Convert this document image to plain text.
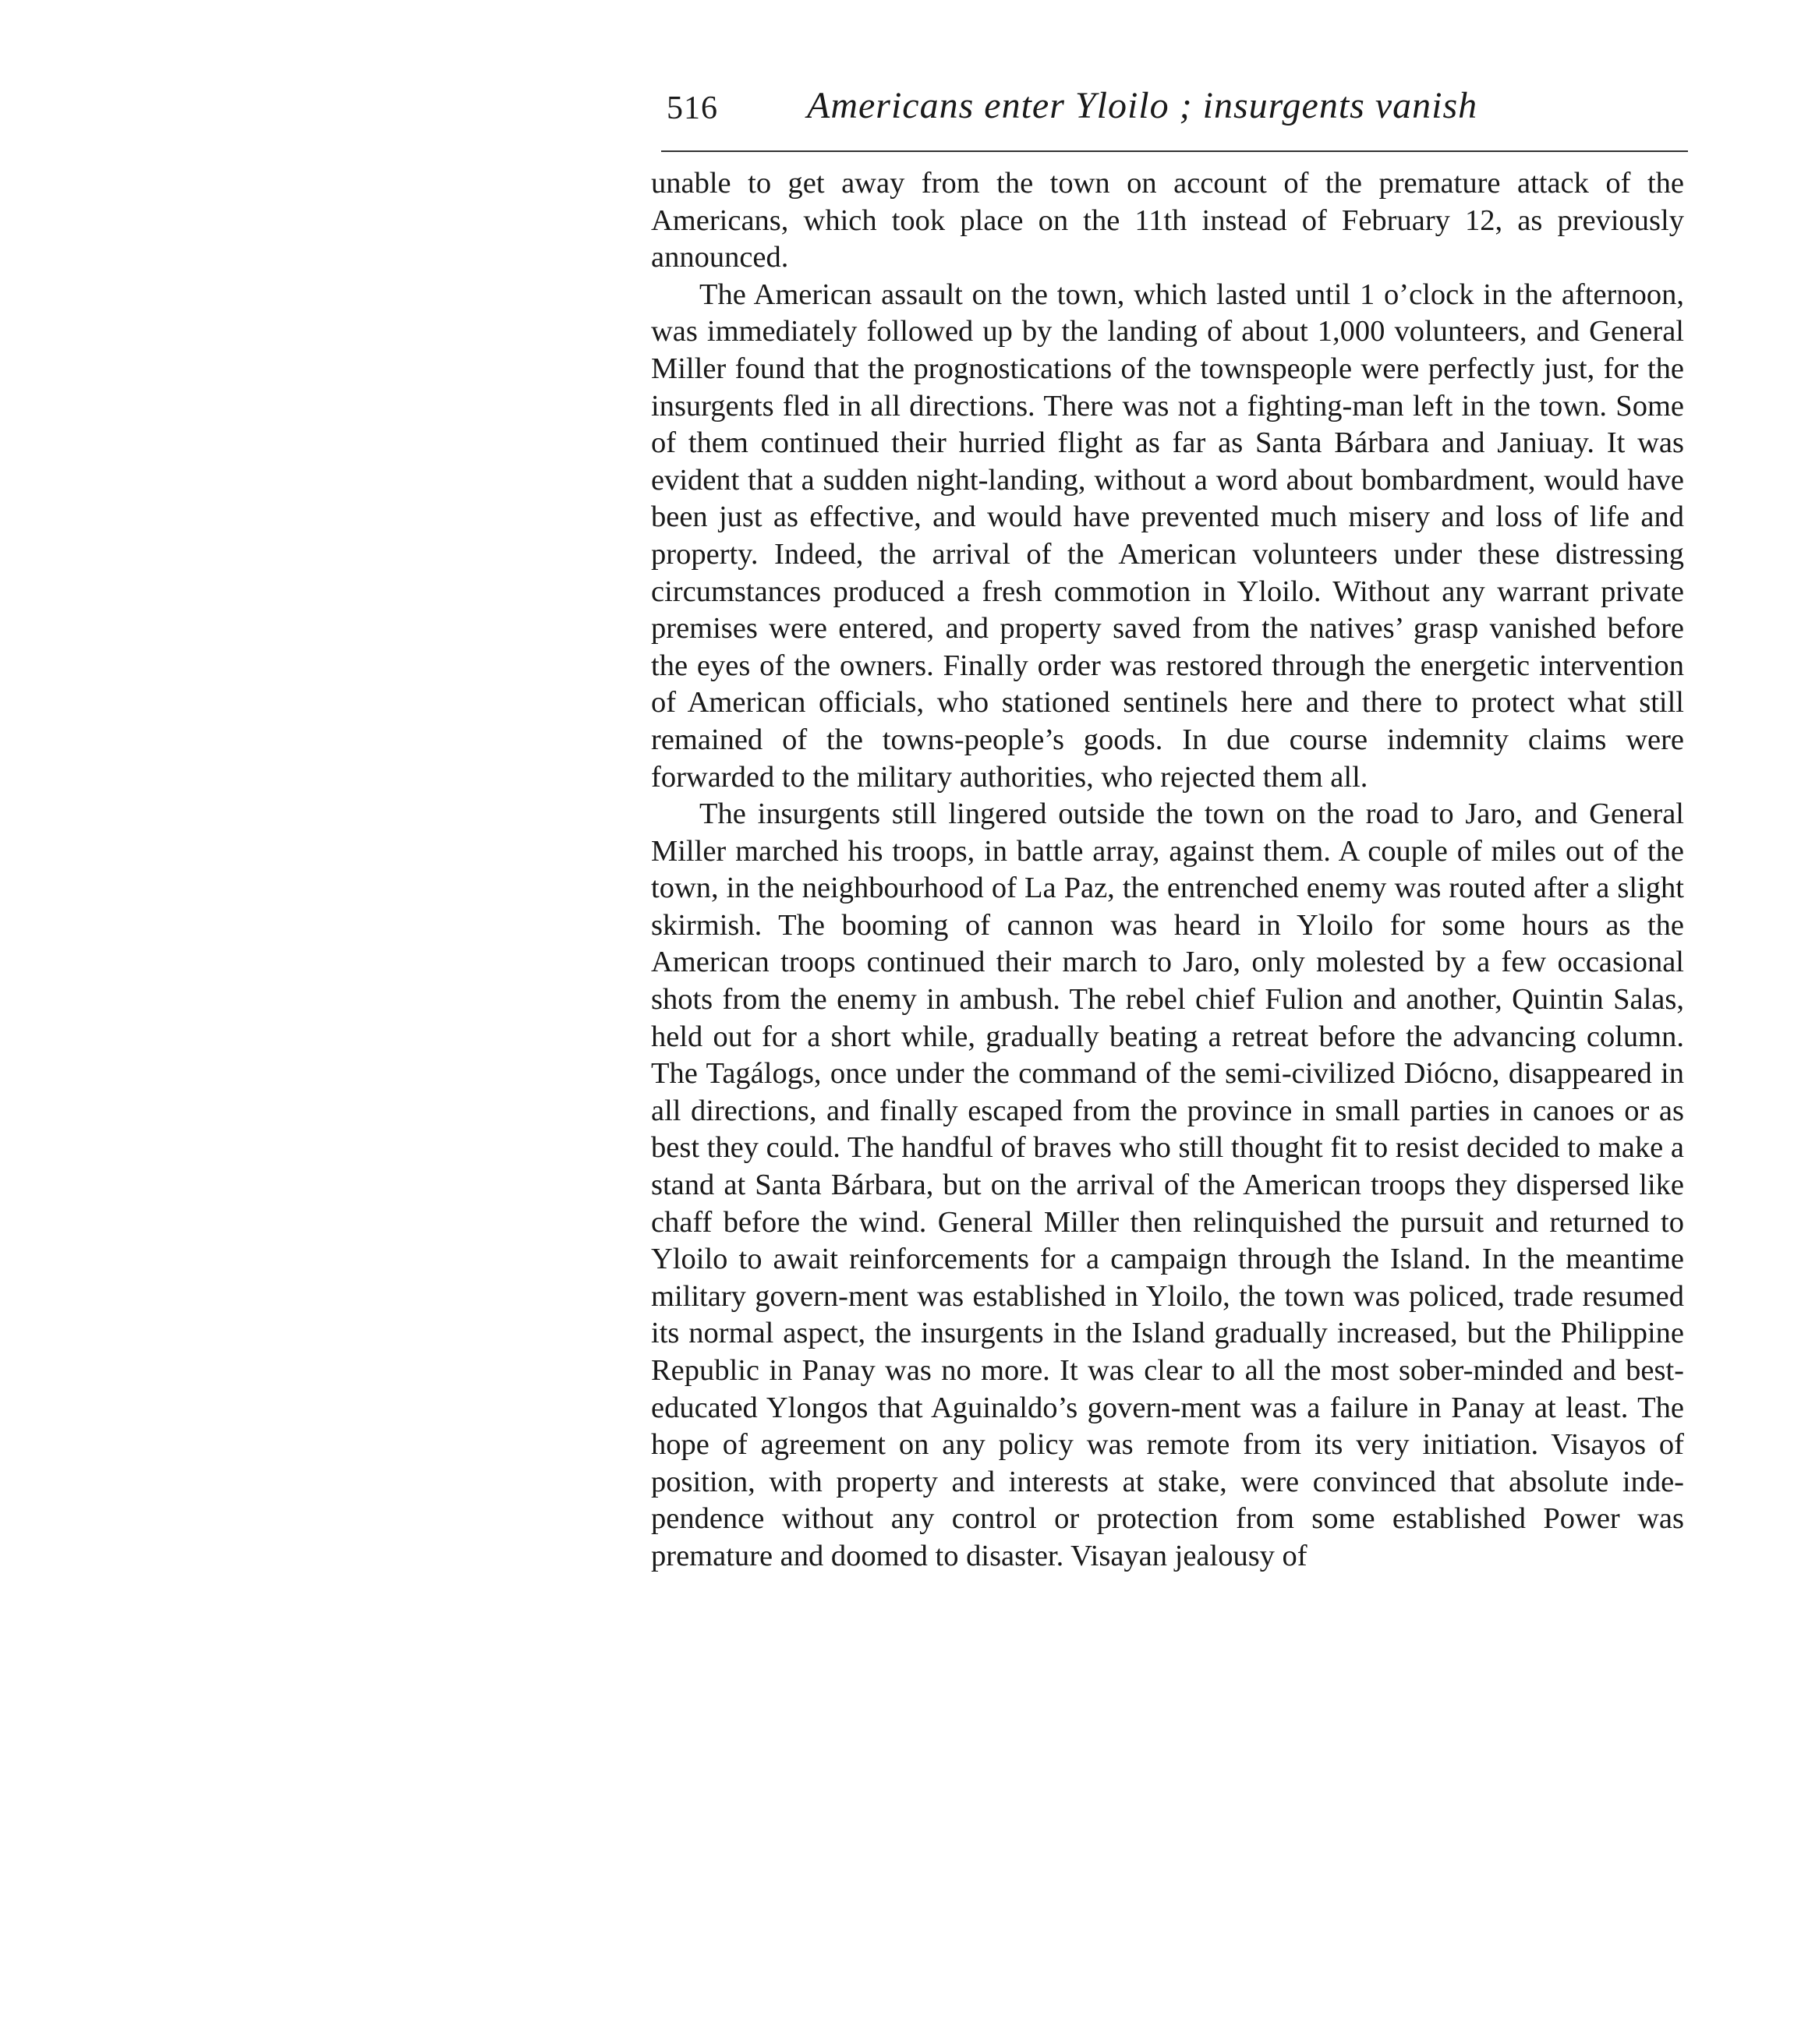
516 Americans enter Yloilo ; insurgents vanish

unable to get away from the town on account of the premature attack of the Americans, which took place on the 11th instead of February 12, as previously announced.

The American assault on the town, which lasted until 1 o’clock in the afternoon, was immediately followed up by the landing of about 1,000 volunteers, and General Miller found that the prognostications of the townspeople were perfectly just, for the insurgents fled in all directions. There was not a fighting-man left in the town. Some of them continued their hurried flight as far as Santa Bárbara and Janiuay. It was evident that a sudden night-landing, without a word about bombardment, would have been just as effective, and would have prevented much misery and loss of life and property. Indeed, the arrival of the American volunteers under these distressing circumstances produced a fresh commotion in Yloilo. Without any warrant private premises were entered, and property saved from the natives’ grasp vanished before the eyes of the owners. Finally order was restored through the energetic intervention of American officials, who stationed sentinels here and there to protect what still remained of the towns-people’s goods. In due course indemnity claims were forwarded to the military authorities, who rejected them all.

The insurgents still lingered outside the town on the road to Jaro, and General Miller marched his troops, in battle array, against them. A couple of miles out of the town, in the neighbourhood of La Paz, the entrenched enemy was routed after a slight skirmish. The booming of cannon was heard in Yloilo for some hours as the American troops continued their march to Jaro, only molested by a few occasional shots from the enemy in ambush. The rebel chief Fulion and another, Quintin Salas, held out for a short while, gradually beating a retreat before the advancing column. The Tagálogs, once under the command of the semi-civilized Diócno, disappeared in all directions, and finally escaped from the province in small parties in canoes or as best they could. The handful of braves who still thought fit to resist decided to make a stand at Santa Bárbara, but on the arrival of the American troops they dispersed like chaff before the wind. General Miller then relinquished the pursuit and returned to Yloilo to await reinforcements for a campaign through the Island. In the meantime military govern-ment was established in Yloilo, the town was policed, trade resumed its normal aspect, the insurgents in the Island gradually increased, but the Philippine Republic in Panay was no more. It was clear to all the most sober-minded and best-educated Ylongos that Aguinaldo’s govern-ment was a failure in Panay at least. The hope of agreement on any policy was remote from its very initiation. Visayos of position, with property and interests at stake, were convinced that absolute inde-pendence without any control or protection from some established Power was premature and doomed to disaster. Visayan jealousy of
